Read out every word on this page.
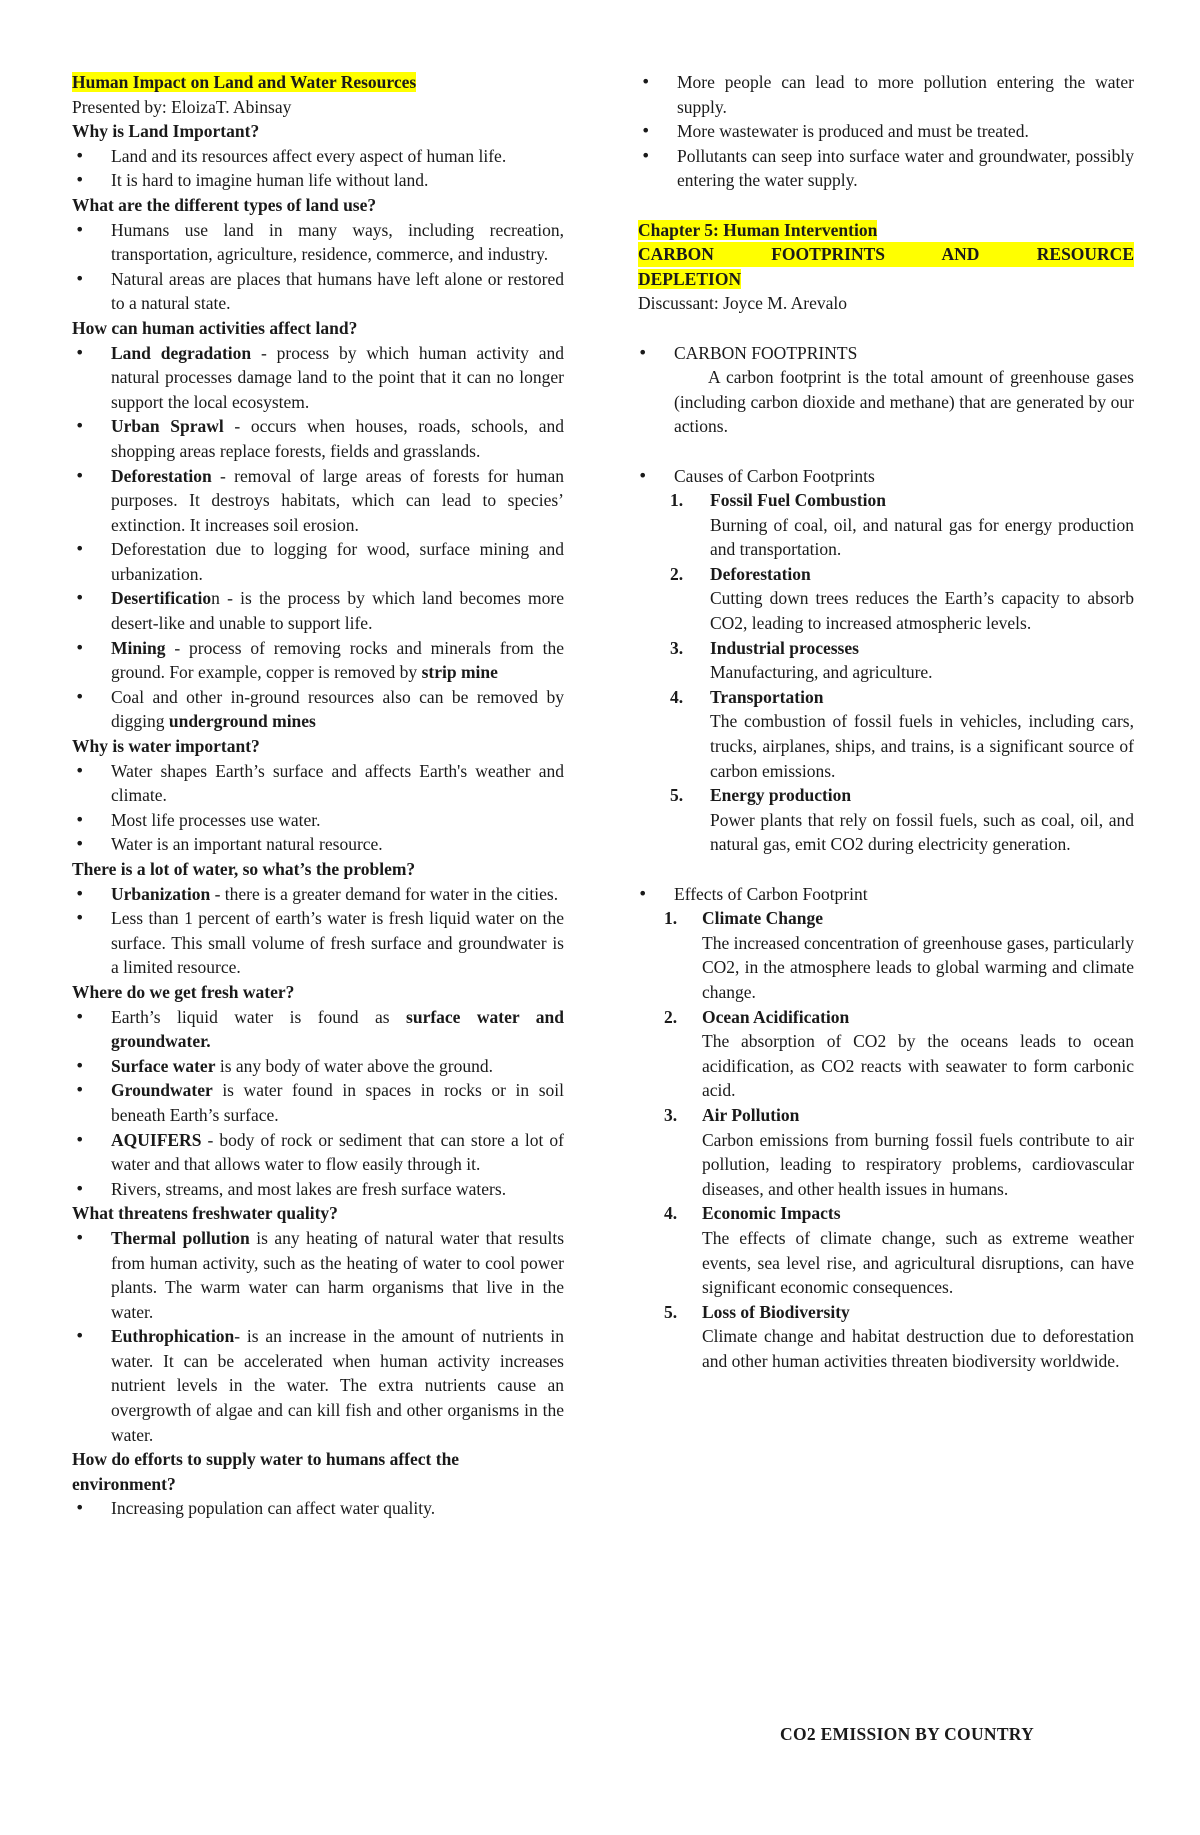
Human Impact on Land and Water Resources

Presented by: EloizaT. Abinsay

Why is Land Important?

• Land and its resources affect every aspect of human life.
• It is hard to imagine human life without land.

What are the different types of land use?

• Humans use land in many ways, including recreation, transportation, agriculture, residence, commerce, and industry.
• Natural areas are places that humans have left alone or restored to a natural state.

How can human activities affect land?

• Land degradation - process by which human activity and natural processes damage land to the point that it can no longer support the local ecosystem.
• Urban Sprawl - occurs when houses, roads, schools, and shopping areas replace forests, fields and grasslands.
• Deforestation - removal of large areas of forests for human purposes. It destroys habitats, which can lead to species’ extinction. It increases soil erosion.
• Deforestation due to logging for wood, surface mining and urbanization.
• Desertification - is the process by which land becomes more desert-like and unable to support life.
• Mining - process of removing rocks and minerals from the ground. For example, copper is removed by strip mine
• Coal and other in-ground resources also can be removed by digging underground mines

Why is water important?

• Water shapes Earth’s surface and affects Earth's weather and climate.
• Most life processes use water.
• Water is an important natural resource.

There is a lot of water, so what’s the problem?

• Urbanization - there is a greater demand for water in the cities.
• Less than 1 percent of earth’s water is fresh liquid water on the surface. This small volume of fresh surface and groundwater is a limited resource.

Where do we get fresh water?

• Earth’s liquid water is found as surface water and groundwater.
• Surface water is any body of water above the ground.
• Groundwater is water found in spaces in rocks or in soil beneath Earth’s surface.
• AQUIFERS - body of rock or sediment that can store a lot of water and that allows water to flow easily through it.
• Rivers, streams, and most lakes are fresh surface waters.

What threatens freshwater quality?

• Thermal pollution is any heating of natural water that results from human activity, such as the heating of water to cool power plants. The warm water can harm organisms that live in the water.
• Euthrophication- is an increase in the amount of nutrients in water. It can be accelerated when human activity increases nutrient levels in the water. The extra nutrients cause an overgrowth of algae and can kill fish and other organisms in the water.

How do efforts to supply water to humans affect the environment?

• Increasing population can affect water quality.
• More people can lead to more pollution entering the water supply.
• More wastewater is produced and must be treated.
• Pollutants can seep into surface water and groundwater, possibly entering the water supply.

Chapter 5: Human Intervention

CARBON FOOTPRINTS AND RESOURCE

DEPLETION

Discussant: Joyce M. Arevalo

• CARBON FOOTPRINTS

A carbon footprint is the total amount of greenhouse gases (including carbon dioxide and methane) that are generated by our actions.

• Causes of Carbon Footprints
1. Fossil Fuel Combustion
Burning of coal, oil, and natural gas for energy production and transportation.
2. Deforestation
Cutting down trees reduces the Earth’s capacity to absorb CO2, leading to increased atmospheric levels.
3. Industrial processes
Manufacturing, and agriculture.
4. Transportation
The combustion of fossil fuels in vehicles, including cars, trucks, airplanes, ships, and trains, is a significant source of carbon emissions.
5. Energy production
Power plants that rely on fossil fuels, such as coal, oil, and natural gas, emit CO2 during electricity generation.
• Effects of Carbon Footprint
1. Climate Change
The increased concentration of greenhouse gases, particularly CO2, in the atmosphere leads to global warming and climate change.
2. Ocean Acidification
The absorption of CO2 by the oceans leads to ocean acidification, as CO2 reacts with seawater to form carbonic acid.
3. Air Pollution
Carbon emissions from burning fossil fuels contribute to air pollution, leading to respiratory problems, cardiovascular diseases, and other health issues in humans.
4. Economic Impacts
The effects of climate change, such as extreme weather events, sea level rise, and agricultural disruptions, can have significant economic consequences.
5. Loss of Biodiversity
Climate change and habitat destruction due to deforestation and other human activities threaten biodiversity worldwide.
CO2 EMISSION BY COUNTRY
